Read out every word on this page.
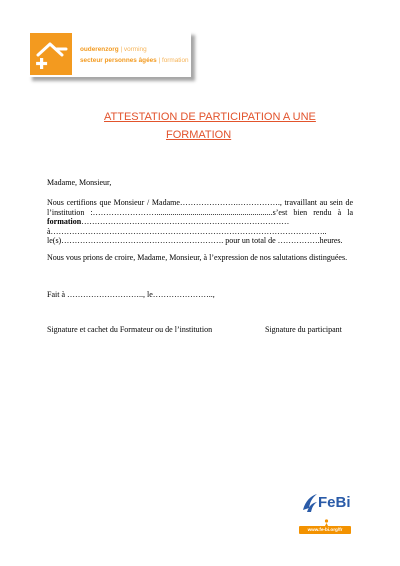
ouderenzorg | vorming
secteur personnes âgées | formation
ATTESTATION DE PARTICIPATION A UNE
FORMATION
Madame, Monsieur,
Nous certifions que Monsieur / Madame………………….……………., travaillant au sein de
l’institution :……………………..........................................................s’est bien rendu à la
formation……………………………………………………………………
à…………………………………………………………………………………………..
le(s)……………………………………………………. pour un total de …………….heures.
Nous vous prions de croire, Madame, Monsieur, à l’expression de nos salutations distinguées.
Fait à ……………………….., le…………………..,
Signature et cachet du Formateur ou de l’institution	Signature du participant
FeBi
www.fe-bi.org/fr
